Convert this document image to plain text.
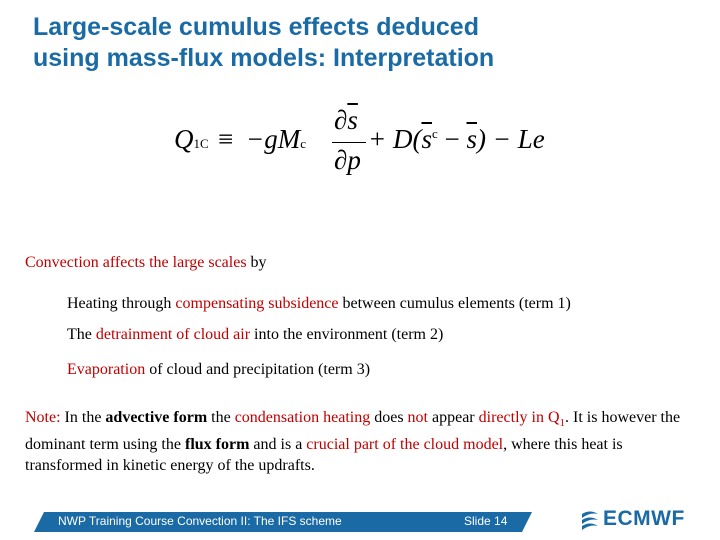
Large-scale cumulus effects deduced
using mass-flux models: Interpretation
Q1C ≡ −gMc
$\partial\overline{s}$
∂p
+ $D(\overline{s}^c - \overline{s}) - Le$
Convection affects the large scales by
Heating through compensating subsidence between cumulus elements (term 1)
The detrainment of cloud air into the environment (term 2)
Evaporation of cloud and precipitation (term 3)
Note: In the advective form the condensation heating does not appear directly in $Q_1$. It is however the dominant term using the flux form and is a crucial part of the cloud model, where this heat is transformed in kinetic energy of the updrafts.
NWP Training Course Convection II: The IFS scheme	Slide 14	ECMWF
